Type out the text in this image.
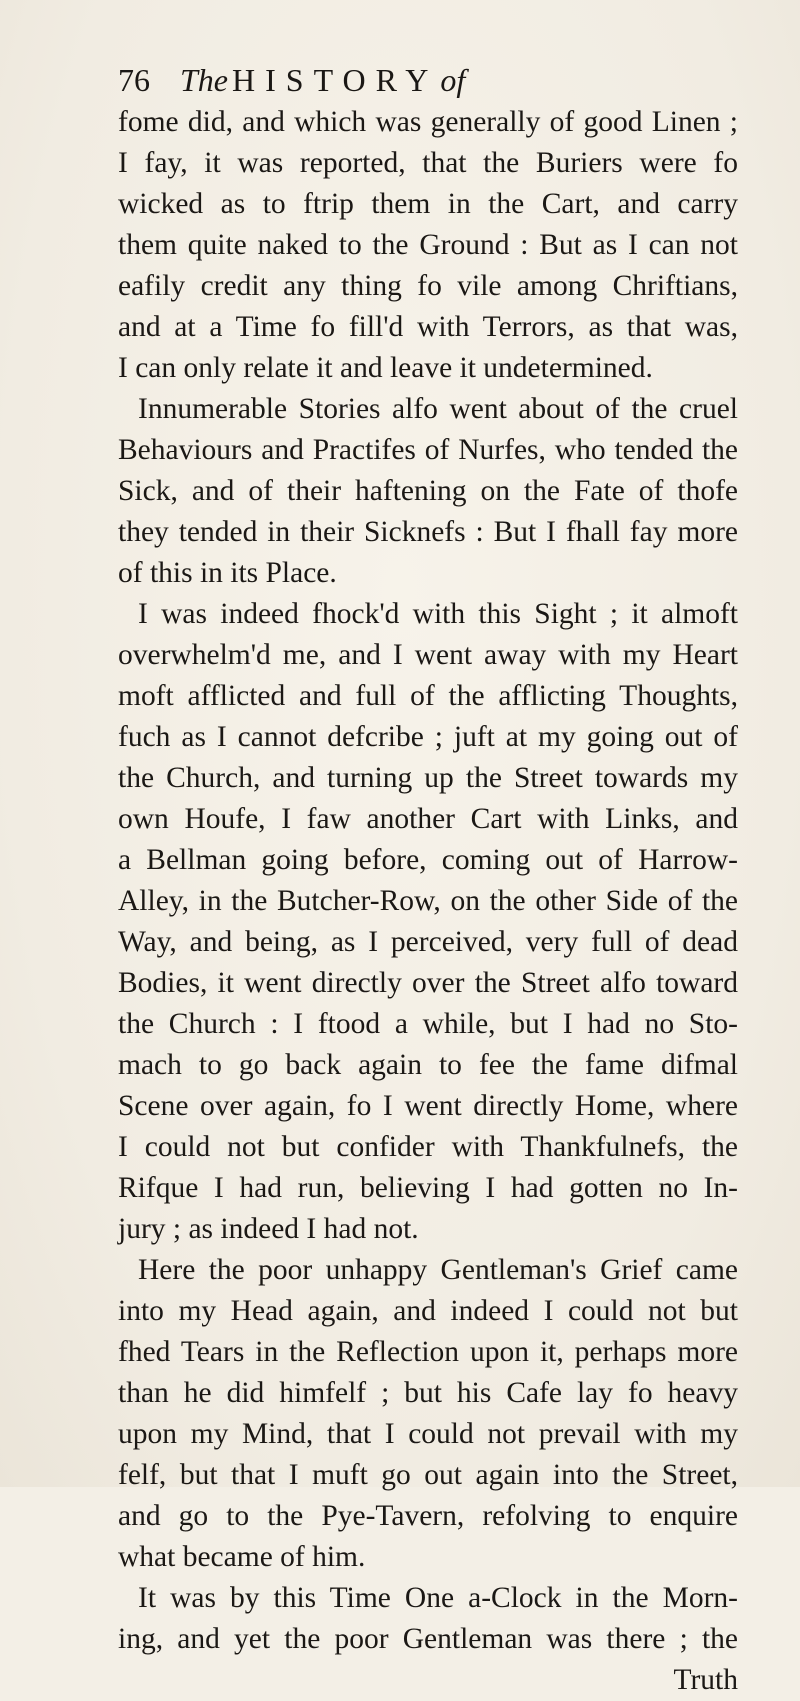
76 The HISTORYof
fome did, and which was generally of good Linen ;
I fay, it was reported, that the Buriers were fo
wicked as to ftrip them in the Cart, and carry
them quite naked to the Ground : But as I can not
eafily credit any thing fo vile among Chriftians,
and at a Time fo fill'd with Terrors, as that was,
I can only relate it and leave it undetermined.
Innumerable Stories alfo went about of the cruel
Behaviours and Practifes of Nurfes, who tended the
Sick, and of their haftening on the Fate of thofe
they tended in their Sicknefs : But I fhall fay more
of this in its Place.
I was indeed fhock'd with this Sight ; it almoft
overwhelm'd me, and I went away with my Heart
moft afflicted and full of the afflicting Thoughts,
fuch as I cannot defcribe ; juft at my going out of
the Church, and turning up the Street towards my
own Houfe, I faw another Cart with Links, and
a Bellman going before, coming out of Harrow-
Alley, in the Butcher-Row, on the other Side of the
Way, and being, as I perceived, very full of dead
Bodies, it went directly over the Street alfo toward
the Church : I ftood a while, but I had no Sto-
mach to go back again to fee the fame difmal
Scene over again, fo I went directly Home, where
I could not but confider with Thankfulnefs, the
Rifque I had run, believing I had gotten no In-
jury ; as indeed I had not.
Here the poor unhappy Gentleman's Grief came
into my Head again, and indeed I could not but
fhed Tears in the Reflection upon it, perhaps more
than he did himfelf ; but his Cafe lay fo heavy
upon my Mind, that I could not prevail with my
felf, but that I muft go out again into the Street,
and go to the Pye-Tavern, refolving to enquire
what became of him.
It was by this Time One a-Clock in the Morn-
ing, and yet the poor Gentleman was there ; the
Truth
